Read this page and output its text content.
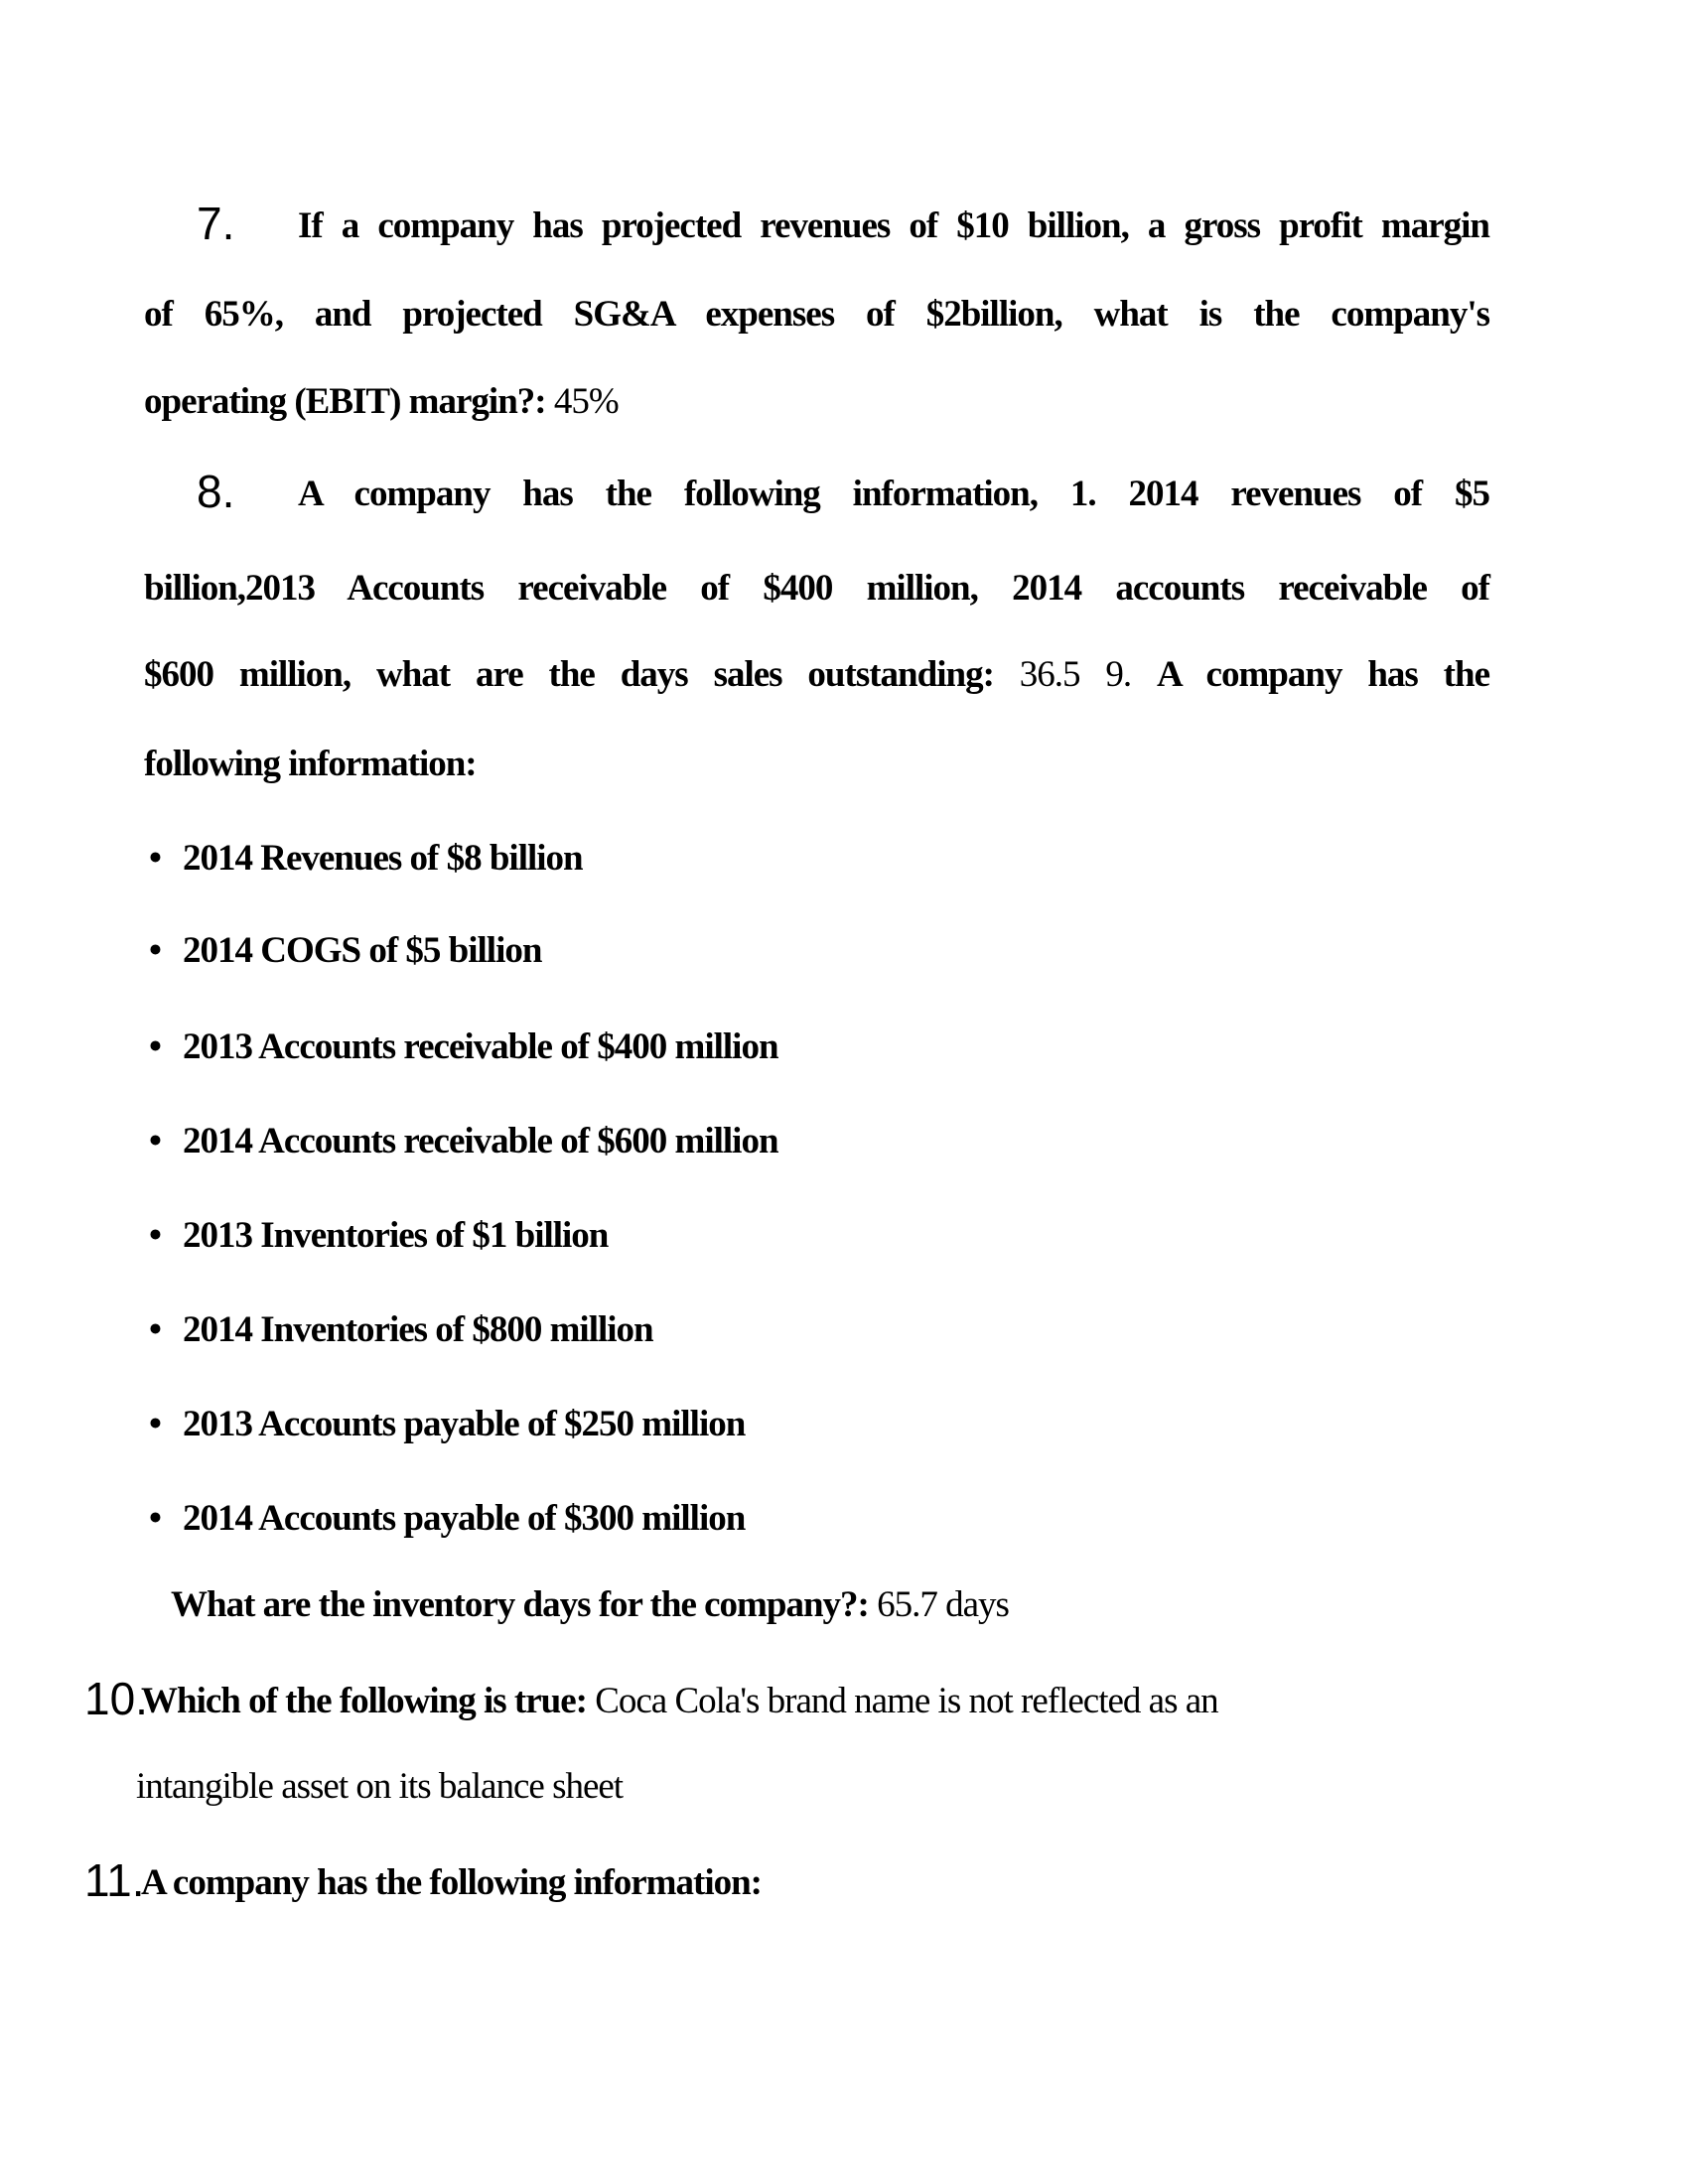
7. If a company has projected revenues of $10 billion, a gross profit margin
of 65%, and projected SG&A expenses of $2billion, what is the company's
operating (EBIT) margin?: 45%
8. A company has the following information, 1. 2014 revenues of $5
billion,2013 Accounts receivable of $400 million, 2014 accounts receivable of
$600 million, what are the days sales outstanding: 36.5 9. A company has the
following information:
• 2014 Revenues of $8 billion
• 2014 COGS of $5 billion
• 2013 Accounts receivable of $400 million
• 2014 Accounts receivable of $600 million
• 2013 Inventories of $1 billion
• 2014 Inventories of $800 million
• 2013 Accounts payable of $250 million
• 2014 Accounts payable of $300 million
What are the inventory days for the company?: 65.7 days
10.
Which of the following is true: Coca Cola's brand name is not reflected as an
intangible asset on its balance sheet
11.
A company has the following information:
